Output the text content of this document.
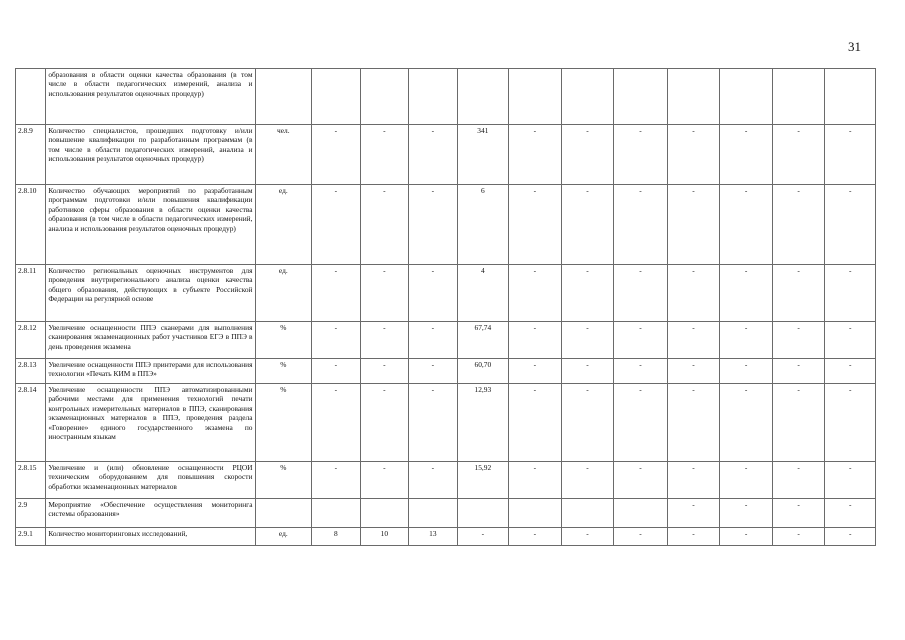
31
	образования в области оценки качества образования (в том числе в области педагогических измерений, анализа и использования результатов оценочных процедур)												
2.8.9	Количество специалистов, прошедших подготовку и/или повышение квалификации по разработанным программам (в том числе в области педагогических измерений, анализа и использования результатов оценочных процедур)	чел.	-	-	-	341	-	-	-	-	-	-	-
2.8.10	Количество обучающих мероприятий по разработанным программам подготовки и/или повышения квалификации работников сферы образования в области оценки качества образования (в том числе в области педагогических измерений, анализа и использования результатов оценочных процедур)	ед.	-	-	-	6	-	-	-	-	-	-	-
2.8.11	Количество региональных оценочных инструментов для проведения внутрирегионального анализа оценки качества общего образования, действующих в субъекте Российской Федерации на регулярной основе	ед.	-	-	-	4	-	-	-	-	-	-	-
2.8.12	Увеличение оснащенности ППЭ сканерами для выполнения сканирования экзаменационных работ участников ЕГЭ в ППЭ в день проведения экзамена	%	-	-	-	67,74	-	-	-	-	-	-	-
2.8.13	Увеличение оснащенности ППЭ принтерами для использования технологии «Печать КИМ в ППЭ»	%	-	-	-	60,70	-	-	-	-	-	-	-
2.8.14	Увеличение оснащенности ППЭ автоматизированными рабочими местами для применения технологий печати контрольных измерительных материалов в ППЭ, сканирования экзаменационных материалов в ППЭ, проведения раздела «Говорение» единого государственного экзамена по иностранным языкам	%	-	-	-	12,93	-	-	-	-	-	-	-
2.8.15	Увеличение и (или) обновление оснащенности РЦОИ техническим оборудованием для повышения скорости обработки экзаменационных материалов	%	-	-	-	15,92	-	-	-	-	-	-	-
2.9	Мероприятие «Обеспечение осуществления мониторинга системы образования»									-	-	-	-
2.9.1	Количество мониторинговых исследований,	ед.	8	10	13	-	-	-	-	-	-	-	-
